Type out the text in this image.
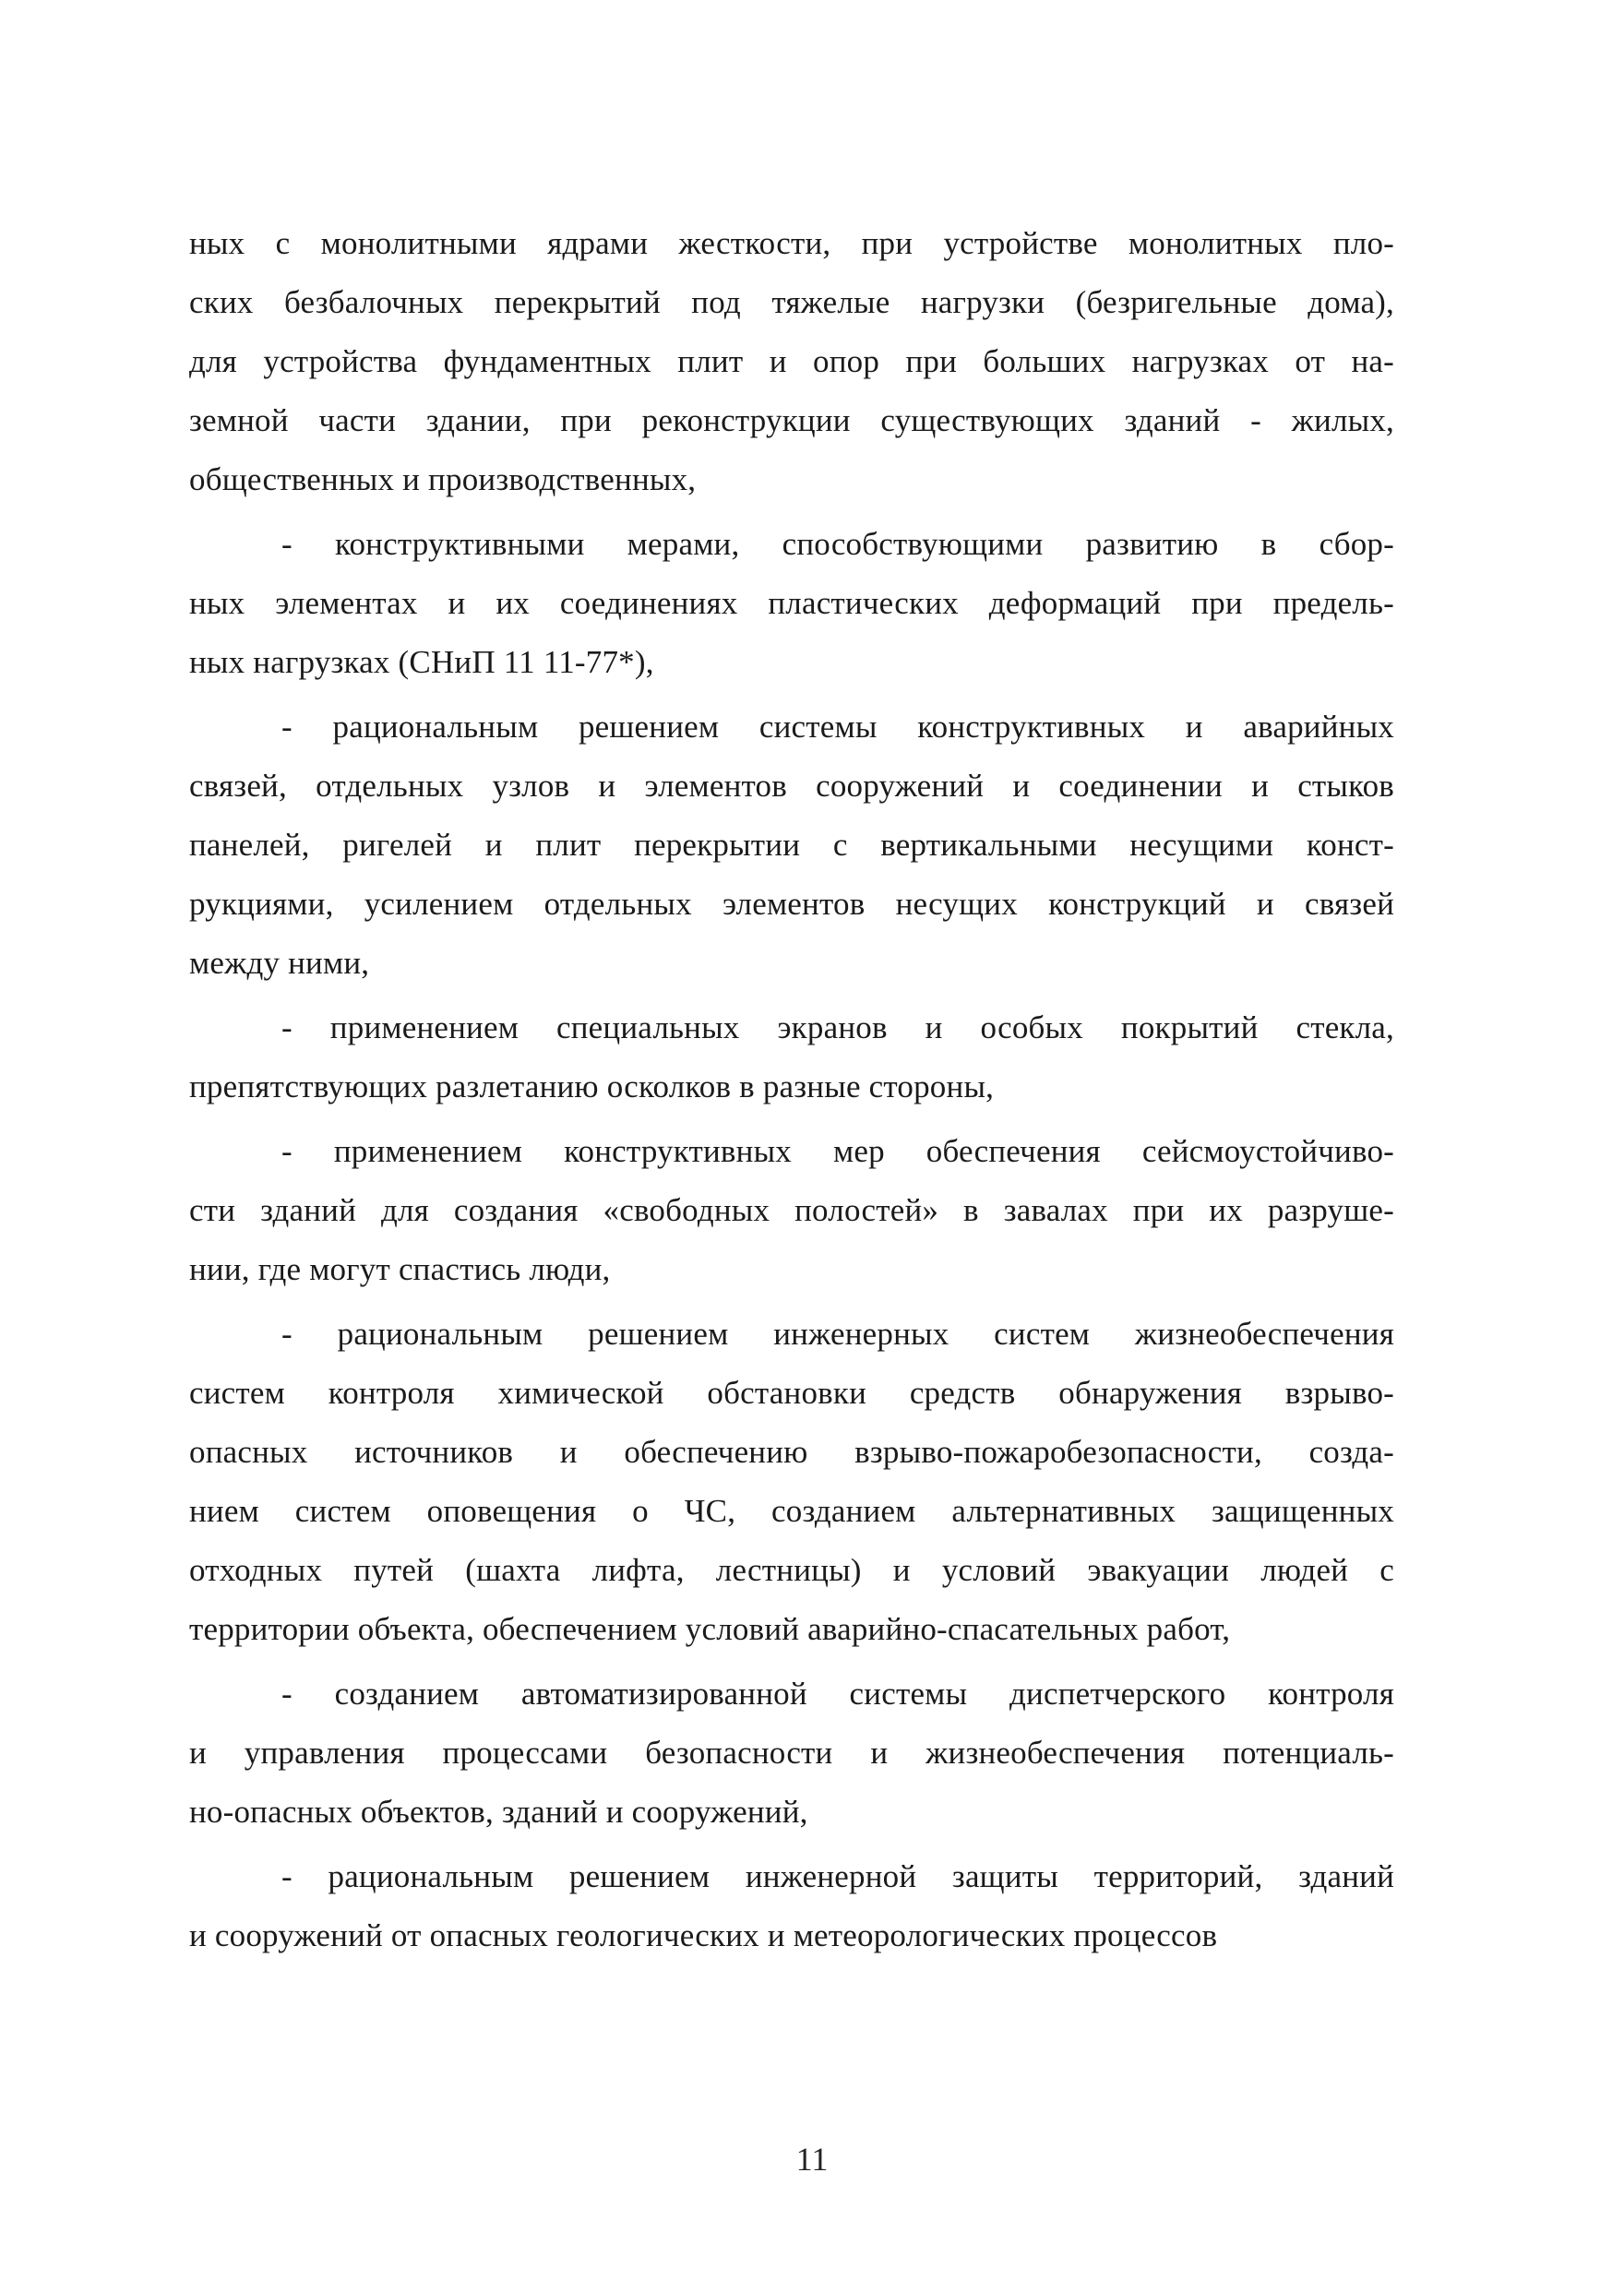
ных с монолитными ядрами жесткости, при устройстве монолитных пло-
ских безбалочных перекрытий под тяжелые нагрузки (безригельные дома),
для устройства фундаментных плит и опор при больших нагрузках от на-
земной части здании, при реконструкции существующих зданий - жилых,
общественных и производственных,
- конструктивными мерами, способствующими развитию в сбор-
ных элементах и их соединениях пластических деформаций при предель-
ных нагрузках (СНиП 11 11-77*),
- рациональным решением системы конструктивных и аварийных
связей, отдельных узлов и элементов сооружений и соединении и стыков
панелей, ригелей и плит перекрытии с вертикальными несущими конст-
рукциями, усилением отдельных элементов несущих конструкций и связей
между ними,
- применением специальных экранов и особых покрытий стекла,
препятствующих разлетанию осколков в разные стороны,
- применением конструктивных мер обеспечения сейсмоустойчиво-
сти зданий для создания «свободных полостей» в завалах при их разруше-
нии, где могут спастись люди,
- рациональным решением инженерных систем жизнеобеспечения
систем контроля химической обстановки средств обнаружения взрыво-
опасных источников и обеспечению взрыво-пожаробезопасности, созда-
нием систем оповещения о ЧС, созданием альтернативных защищенных
отходных путей (шахта лифта, лестницы) и условий эвакуации людей с
территории объекта, обеспечением условий аварийно-спасательных работ,
- созданием автоматизированной системы диспетчерского контроля
и управления процессами безопасности и жизнеобеспечения потенциаль-
но-опасных объектов, зданий и сооружений,
- рациональным решением инженерной защиты территорий, зданий
и сооружений от опасных геологических и метеорологических процессов
11
